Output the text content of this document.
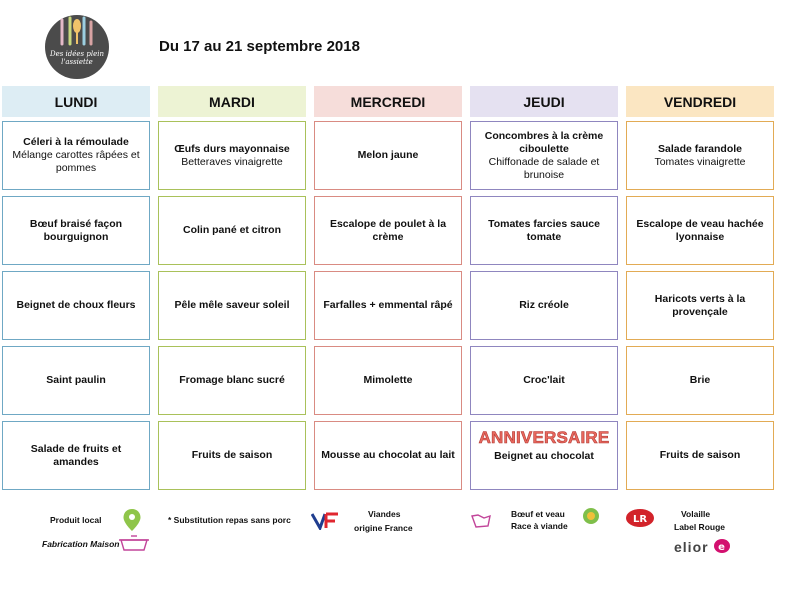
Des idées plein l'assiette
Du 17 au 21 septembre 2018
LUNDI
Céleri à la rémoulade
Mélange carottes râpées et pommes
Bœuf braisé façon bourguignon
Beignet de choux fleurs
Saint paulin
Salade de fruits et amandes
MARDI
Œufs durs mayonnaise
Betteraves vinaigrette
Colin pané et citron
Pêle mêle saveur soleil
Fromage blanc sucré
Fruits de saison
MERCREDI
Melon jaune
Escalope de poulet à la crème
Farfalles + emmental râpé
Mimolette
Mousse au chocolat au lait
JEUDI
Concombres à la crème ciboulette
Chiffonade de salade et brunoise
Tomates farcies sauce tomate
Riz créole
Croc'lait
ANNIVERSAIRE
Beignet au chocolat
VENDREDI
Salade farandole
Tomates vinaigrette
Escalope de veau hachée lyonnaise
Haricots verts à la provençale
Brie
Fruits de saison
Produit local
Fabrication Maison
* Substitution repas sans porc
Viandes
origine France
Bœuf et veau
Race à viande
LR	Volaille
Label Rouge
elior e
